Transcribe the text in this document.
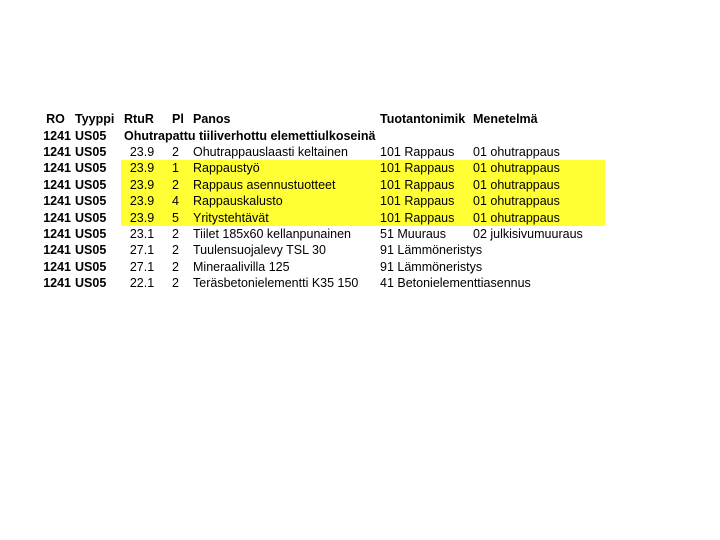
RO Tyyppi RtuR	Pl Panos	Tuotantonimik Menetelmä
1241 US05	Ohutrapattu tiiliverhottu elemettiulkoseinä
1241 US05	23.9	2	Ohutrappauslaasti keltainen	101 Rappaus	01 ohutrappaus
1241 US05	23.9	1	Rappaustyö	101 Rappaus	01 ohutrappaus
1241 US05	23.9	2	Rappaus asennustuotteet	101 Rappaus	01 ohutrappaus
1241 US05	23.9	4	Rappauskalusto	101 Rappaus	01 ohutrappaus
1241 US05	23.9	5	Yritystehtävät	101 Rappaus	01 ohutrappaus
1241 US05	23.1	2	Tiilet 185x60 kellanpunainen	51 Muuraus	02 julkisivumuuraus
1241 US05	27.1	2	Tuulensuojalevy TSL 30	91 Lämmöneristys
1241 US05	27.1	2	Mineraalivilla 125	91 Lämmöneristys
1241 US05	22.1	2	Teräsbetonielementti K35 150	41 Betonielementtiasennus
